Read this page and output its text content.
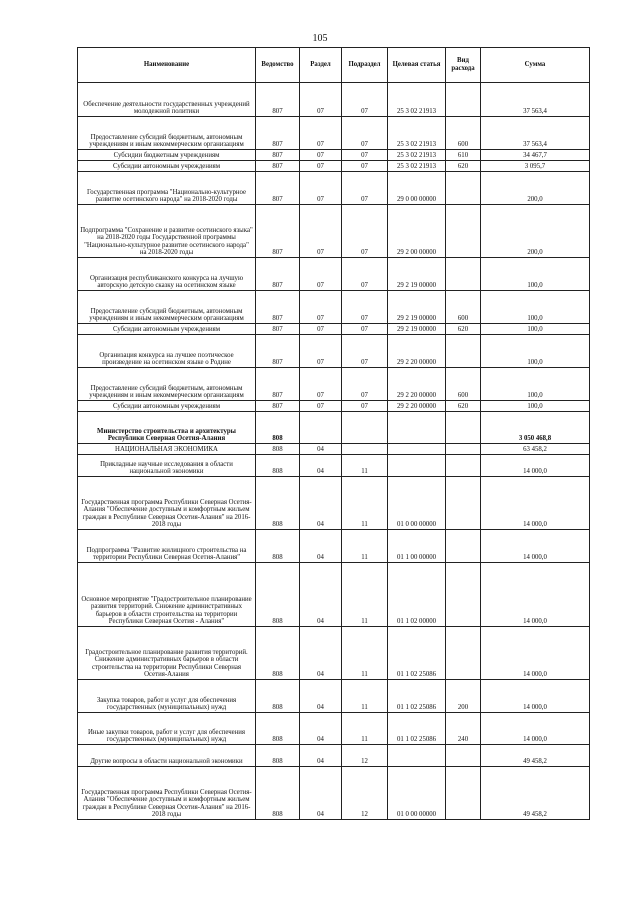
105
Наименование	Ведомство	Раздел	Подраздел	Целевая статья	Вид расхода	Сумма
Обеспечение деятельности государственных учреждений молодежной политики	807	07	07	25 3 02 21913		37 563,4
Предоставление субсидий бюджетным, автономным учреждениям и иным некоммерческим организациям	807	07	07	25 3 02 21913	600	37 563,4
Субсидии бюджетным учреждениям	807	07	07	25 3 02 21913	610	34 467,7
Субсидии автономным учреждениям	807	07	07	25 3 02 21913	620	3 095,7
Государственная программа "Национально-культурное развитие осетинского народа" на 2018-2020 годы	807	07	07	29 0 00 00000		200,0
Подпрограмма "Сохранение и развитие осетинского языка" на 2018-2020 годы Государственной программы "Национально-культурное развитие осетинского народа" на 2018-2020 годы	807	07	07	29 2 00 00000		200,0
Организация республиканского конкурса на лучшую авторскую детскую сказку на осетинском языке	807	07	07	29 2 19 00000		100,0
Предоставление субсидий бюджетным, автономным учреждениям и иным некоммерческим организациям	807	07	07	29 2 19 00000	600	100,0
Субсидии автономным учреждениям	807	07	07	29 2 19 00000	620	100,0
Организация конкурса на лучшее поэтическое произведение на осетинском языке о Родине	807	07	07	29 2 20 00000		100,0
Предоставление субсидий бюджетным, автономным учреждениям и иным некоммерческим организациям	807	07	07	29 2 20 00000	600	100,0
Субсидии автономным учреждениям	807	07	07	29 2 20 00000	620	100,0
Министерство строительства и архитектуры Республики Северная Осетия-Алания	808					3 050 468,8
НАЦИОНАЛЬНАЯ ЭКОНОМИКА	808	04				63 458,2
Прикладные научные исследования в области национальной экономики	808	04	11			14 000,0
Государственная программа Республики Северная Осетия-Алания "Обеспечение доступным и комфортным жильем граждан в Республике Северная Осетия-Алания" на 2016-2018 годы	808	04	11	01 0 00 00000		14 000,0
Подпрограмма "Развитие жилищного строительства на территории Республики Северная Осетия-Алания"	808	04	11	01 1 00 00000		14 000,0
Основное мероприятие "Градостроительное планирование развития территорий. Снижение административных барьеров в области строительства на территории Республики Северная Осетия - Алания"	808	04	11	01 1 02 00000		14 000,0
Градостроительное планирование развития территорий. Снижение административных барьеров в области строительства на территории Республики Северная Осетия-Алания	808	04	11	01 1 02 25086		14 000,0
Закупка товаров, работ и услуг для обеспечения государственных (муниципальных) нужд	808	04	11	01 1 02 25086	200	14 000,0
Иные закупки товаров, работ и услуг для обеспечения государственных (муниципальных) нужд	808	04	11	01 1 02 25086	240	14 000,0
Другие вопросы в области национальной экономики	808	04	12			49 458,2
Государственная программа Республики Северная Осетия-Алания "Обеспечение доступным и комфортным жильем граждан в Республике Северная Осетия-Алания" на 2016-2018 годы	808	04	12	01 0 00 00000		49 458,2
